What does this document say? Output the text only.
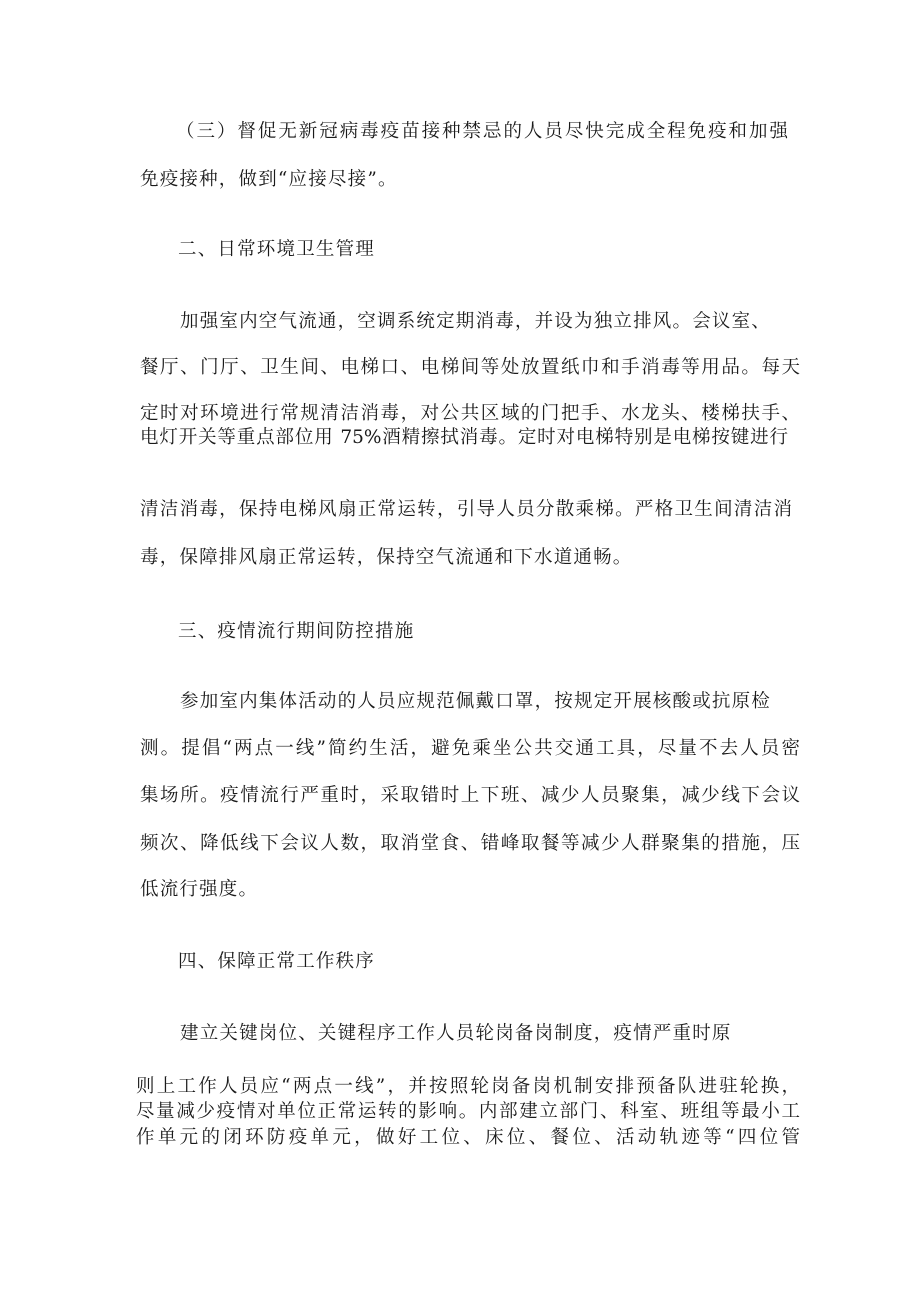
（三）督促无新冠病毒疫苗接种禁忌的人员尽快完成全程免疫和加强
免疫接种，做到“应接尽接”。
二、日常环境卫生管理
加强室内空气流通，空调系统定期消毒，并设为独立排风。会议室、
餐厅、门厅、卫生间、电梯口、电梯间等处放置纸巾和手消毒等用品。每天
定时对环境进行常规清洁消毒，对公共区域的门把手、水龙头、楼梯扶手、
电灯开关等重点部位用 75%酒精擦拭消毒。定时对电梯特别是电梯按键进行
清洁消毒，保持电梯风扇正常运转，引导人员分散乘梯。严格卫生间清洁消
毒，保障排风扇正常运转，保持空气流通和下水道通畅。
三、疫情流行期间防控措施
参加室内集体活动的人员应规范佩戴口罩，按规定开展核酸或抗原检
测。提倡“两点一线”简约生活，避免乘坐公共交通工具，尽量不去人员密
集场所。疫情流行严重时，采取错时上下班、减少人员聚集，减少线下会议
频次、降低线下会议人数，取消堂食、错峰取餐等减少人群聚集的措施，压
低流行强度。
四、保障正常工作秩序
建立关键岗位、关键程序工作人员轮岗备岗制度，疫情严重时原
则上工作人员应“两点一线”，并按照轮岗备岗机制安排预备队进驻轮换，
尽量减少疫情对单位正常运转的影响。内部建立部门、科室、班组等最小工
作单元的闭环防疫单元，做好工位、床位、餐位、活动轨迹等“四位管
